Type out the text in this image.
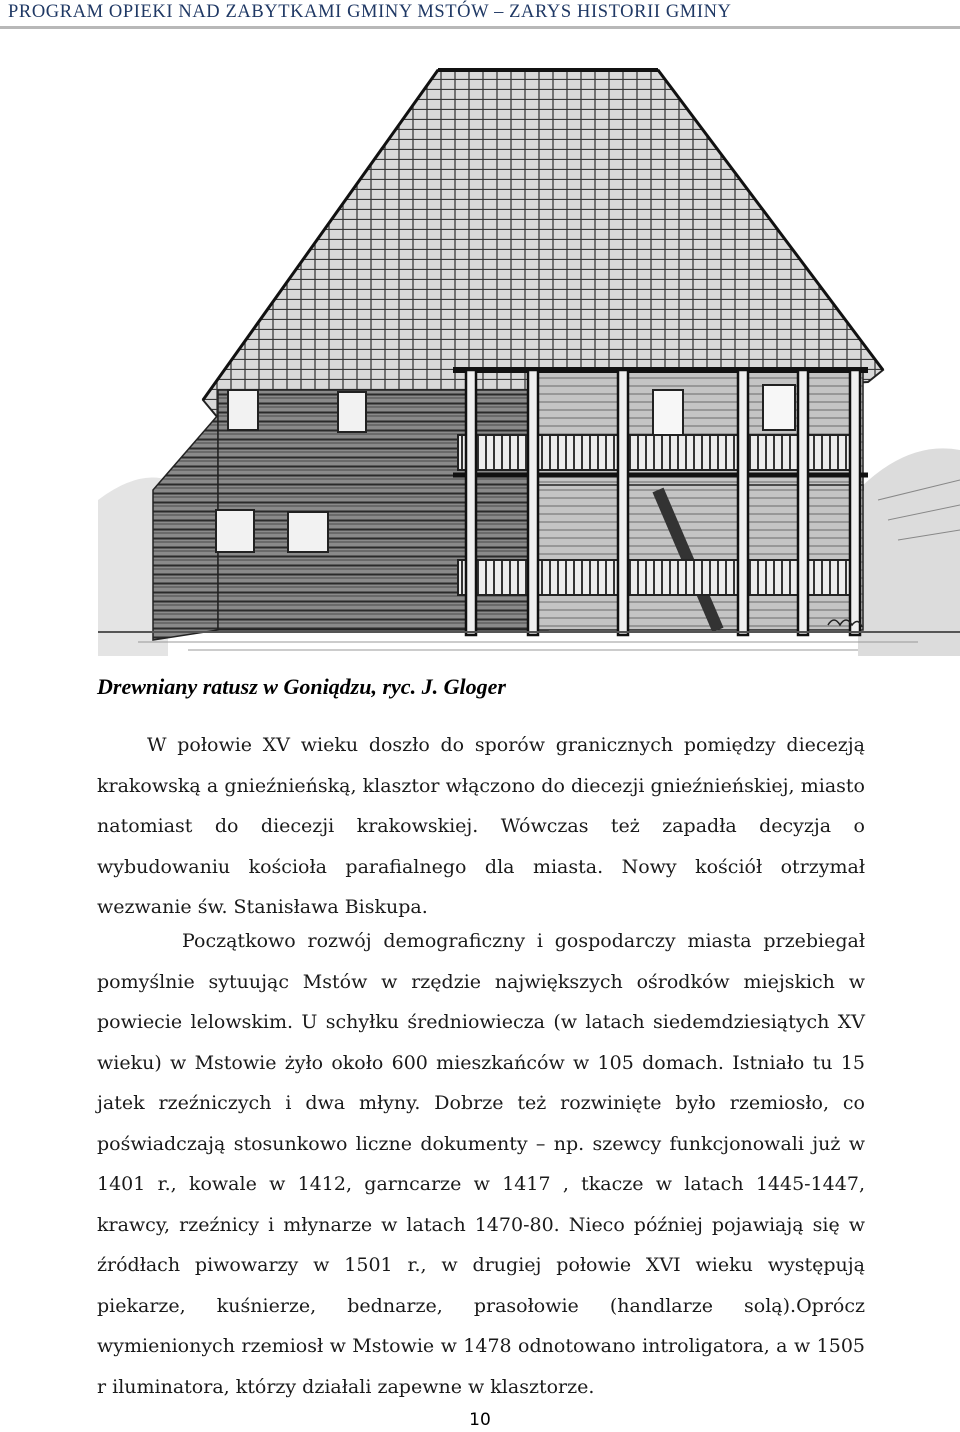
PROGRAM OPIEKI NAD ZABYTKAMI GMINY MSTÓW – ZARYS HISTORII GMINY
Drewniany ratusz w Goniądzu, ryc. J. Gloger
W połowie XV wieku doszło do sporów granicznych pomiędzy diecezją krakowską a gnieźnieńską, klasztor włączono do diecezji gnieźnieńskiej, miasto natomiast do diecezji krakowskiej. Wówczas też zapadła decyzja o wybudowaniu kościoła parafialnego dla miasta. Nowy kościół otrzymał wezwanie św. Stanisława Biskupa.
Początkowo rozwój demograficzny i gospodarczy miasta przebiegał pomyślnie sytuując Mstów w rzędzie największych ośrodków miejskich w powiecie lelowskim. U schyłku średniowiecza (w latach siedemdziesiątych XV wieku) w Mstowie żyło około 600 mieszkańców w 105 domach. Istniało tu 15 jatek rzeźniczych i dwa młyny. Dobrze też rozwinięte było rzemiosło, co poświadczają stosunkowo liczne dokumenty – np. szewcy funkcjonowali już w 1401 r., kowale w 1412, garncarze w 1417 , tkacze w latach 1445-1447, krawcy, rzeźnicy i młynarze w latach 1470-80. Nieco później pojawiają się w źródłach piwowarzy w 1501 r., w drugiej połowie XVI wieku występują piekarze, kuśnierze, bednarze, prasołowie (handlarze solą).Oprócz wymienionych rzemiosł w Mstowie w 1478 odnotowano introligatora, a w 1505 r iluminatora, którzy działali zapewne w klasztorze.
10
